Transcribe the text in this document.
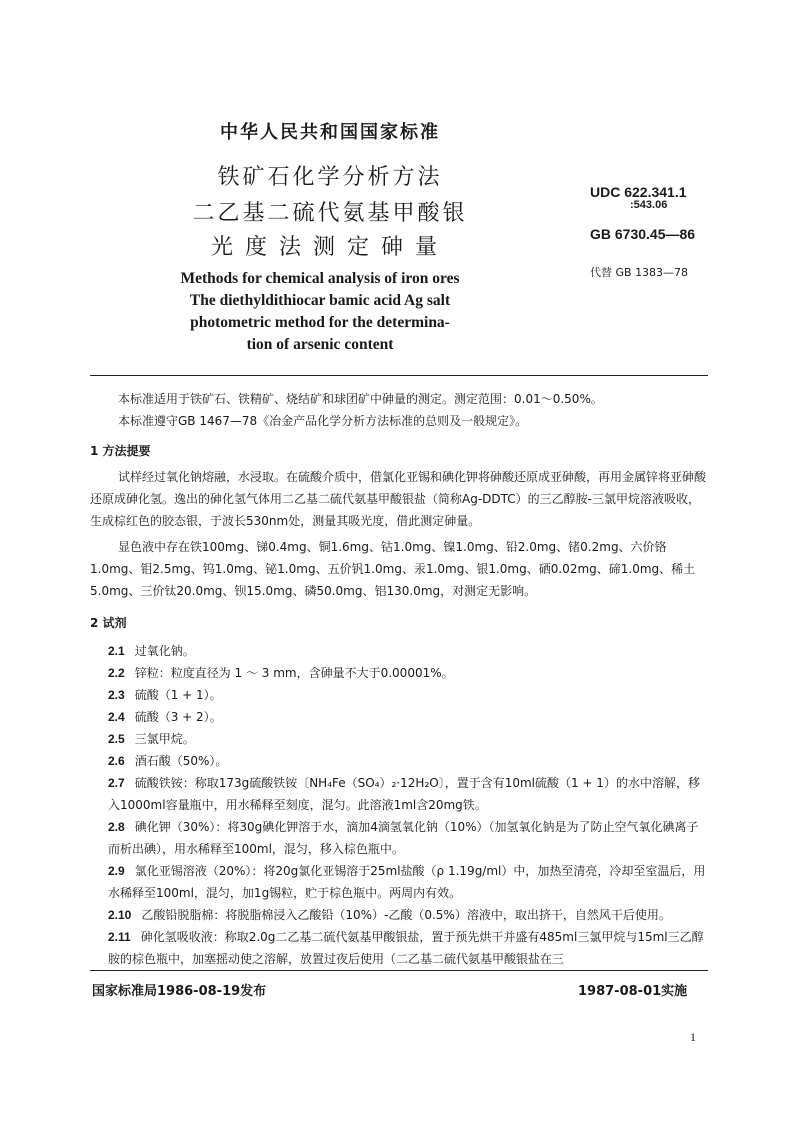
中华人民共和国国家标准
铁矿石化学分析方法
二乙基二硫代氨基甲酸银
光度法测定砷量
Methods for chemical analysis of iron ores
The diethyldithiocar bamic acid Ag salt
photometric method for the determina-
tion of arsenic content
UDC 622.341.1
:543.06
GB 6730.45—86
代替 GB 1383—78

本标准适用于铁矿石、铁精矿、烧结矿和球团矿中砷量的测定。测定范围：0.01～0.50%。

本标准遵守GB 1467—78《冶金产品化学分析方法标准的总则及一般规定》。

1 方法提要

试样经过氧化钠熔融，水浸取。在硫酸介质中，借氯化亚锡和碘化钾将砷酸还原成亚砷酸，再用金属锌将亚砷酸还原成砷化氢。逸出的砷化氢气体用二乙基二硫代氨基甲酸银盐（简称Ag-DDTC）的三乙醇胺-三氯甲烷溶液吸收，生成棕红色的胶态银，于波长530nm处，测量其吸光度，借此测定砷量。

显色液中存在铁100mg、锑0.4mg、铜1.6mg、钴1.0mg、镍1.0mg、铅2.0mg、锗0.2mg、六价铬1.0mg、钼2.5mg、钨1.0mg、铋1.0mg、五价钒1.0mg、汞1.0mg、银1.0mg、硒0.02mg、碲1.0mg、稀土5.0mg、三价钛20.0mg、钡15.0mg、磷50.0mg、铝130.0mg，对测定无影响。

2 试剂

2.1 过氧化钠。

2.2 锌粒：粒度直径为 1 ～ 3 mm，含砷量不大于0.00001%。

2.3 硫酸（1 + 1）。

2.4 硫酸（3 + 2）。

2.5 三氯甲烷。

2.6 酒石酸（50%）。

2.7 硫酸铁铵：称取173g硫酸铁铵〔NH₄Fe（SO₄）₂·12H₂O〕，置于含有10ml硫酸（1 + 1）的水中溶解，移入1000ml容量瓶中，用水稀释至刻度，混匀。此溶液1ml含20mg铁。

2.8 碘化钾（30%）：将30g碘化钾溶于水，滴加4滴氢氧化钠（10%）（加氢氧化钠是为了防止空气氧化碘离子而析出碘），用水稀释至100ml，混匀，移入棕色瓶中。

2.9 氯化亚锡溶液（20%）：将20g氯化亚锡溶于25ml盐酸（ρ 1.19g/ml）中，加热至清亮，冷却至室温后，用水稀释至100ml，混匀，加1g锡粒，贮于棕色瓶中。两周内有效。

2.10 乙酸铅脱脂棉：将脱脂棉浸入乙酸铅（10%）-乙酸（0.5%）溶液中，取出挤干，自然风干后使用。

2.11 砷化氢吸收液：称取2.0g二乙基二硫代氨基甲酸银盐，置于预先烘干并盛有485ml三氯甲烷与15ml三乙醇胺的棕色瓶中，加塞摇动使之溶解，放置过夜后使用（二乙基二硫代氨基甲酸银盐在三

国家标准局1986-08-19发布	1987-08-01实施
1
